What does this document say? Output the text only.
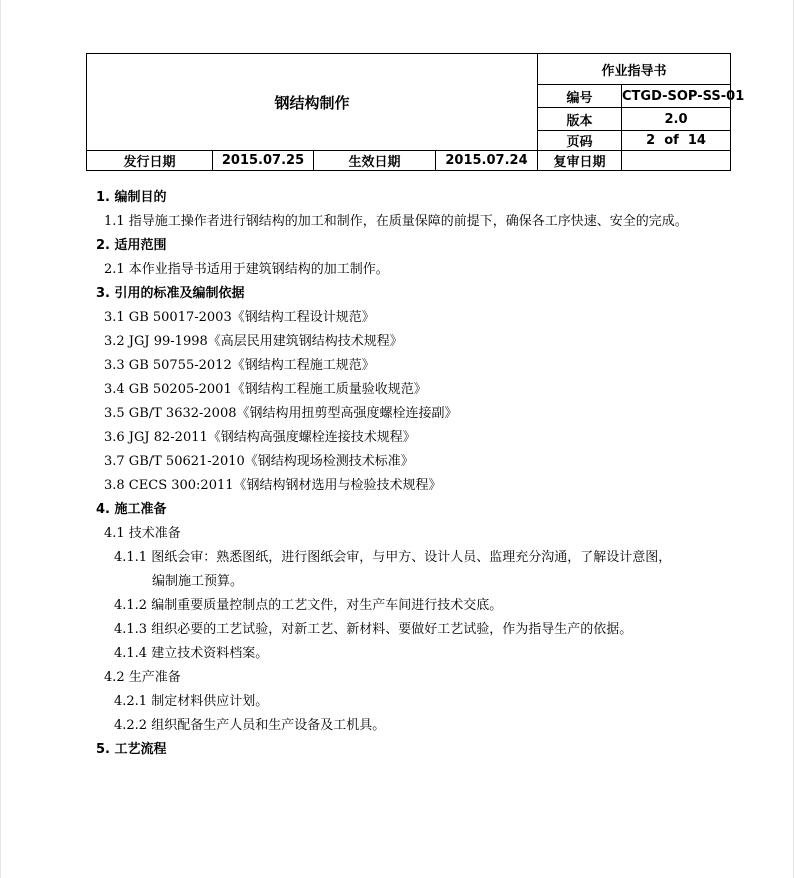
钢结构制作				作业指导书	
				编号	CTGD-SOP-SS-01
				版本	2.0
				页码	2  of  14
发行日期	2015.07.25	生效日期	2015.07.24	复审日期	
1. 编制目的
1.1 指导施工操作者进行钢结构的加工和制作，在质量保障的前提下，确保各工序快速、安全的完成。
2. 适用范围
2.1 本作业指导书适用于建筑钢结构的加工制作。
3. 引用的标准及编制依据
3.1 GB 50017-2003《钢结构工程设计规范》
3.2 JGJ 99-1998《高层民用建筑钢结构技术规程》
3.3 GB 50755-2012《钢结构工程施工规范》
3.4 GB 50205-2001《钢结构工程施工质量验收规范》
3.5 GB/T 3632-2008《钢结构用扭剪型高强度螺栓连接副》
3.6 JGJ 82-2011《钢结构高强度螺栓连接技术规程》
3.7 GB/T 50621-2010《钢结构现场检测技术标准》
3.8 CECS 300:2011《钢结构钢材选用与检验技术规程》
4. 施工准备
4.1 技术准备
4.1.1 图纸会审：熟悉图纸，进行图纸会审，与甲方、设计人员、监理充分沟通，了解设计意图，
编制施工预算。
4.1.2 编制重要质量控制点的工艺文件，对生产车间进行技术交底。
4.1.3 组织必要的工艺试验，对新工艺、新材料、要做好工艺试验，作为指导生产的依据。
4.1.4 建立技术资料档案。
4.2 生产准备
4.2.1 制定材料供应计划。
4.2.2 组织配备生产人员和生产设备及工机具。
5. 工艺流程
